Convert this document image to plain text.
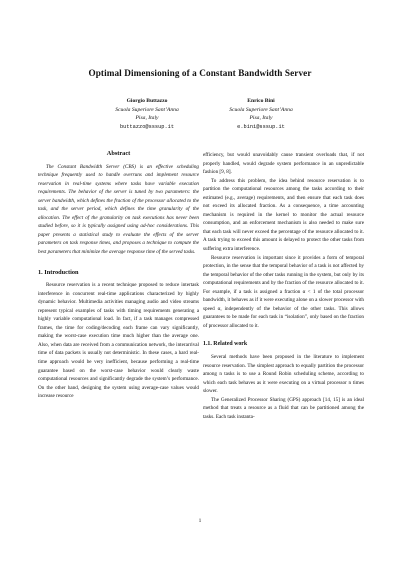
Optimal Dimensioning of a Constant Bandwidth Server
Giorgio Buttazzo
Scuola Superiore Sant’Anna
Pisa, Italy
buttazzo@sssup.it
Enrico Bini
Scuola Superiore Sant’Anna
Pisa, Italy
e.bini@sssup.it
Abstract

The Constant Bandwidth Server (CBS) is an effective scheduling technique frequently used to handle overruns and implement resource reservation in real-time systems where tasks have variable execution requirements. The behavior of the server is tuned by two parameters: the server bandwidth, which defines the fraction of the processor allocated to the task, and the server period, which defines the time granularity of the allocation. The effect of the granularity on task executions has never been studied before, so it is typically assigned using ad-hoc considerations. This paper presents a statistical study to evaluate the effects of the server parameters on task response times, and proposes a technique to compute the best parameters that minimize the average response time of the served tasks.

1. Introduction

Resource reservation is a recent technique proposed to reduce intertask interference in concurrent real-time applications characterized by highly dynamic behavior. Multimedia activities managing audio and video streams represent typical examples of tasks with timing requirements generating a highly variable computational load. In fact, if a task manages compressed frames, the time for coding/decoding each frame can vary significantly, making the worst-case execution time much higher than the average one. Also, when data are received from a communication network, the interarrival time of data packets is usually not deterministic. In these cases, a hard real-time approach would be very inefficient, because performing a real-time guarantee based on the worst-case behavior would clearly waste computational resources and significantly degrade the system’s performance. On the other hand, designing the system using average-case values would increase resource

efficiency, but would unavoidably cause transient overloads that, if not properly handled, would degrade system performance in an unpredictable fashion [9, 8].

To address this problem, the idea behind resource reservation is to partition the computational resources among the tasks according to their estimated (e.g., average) requirements, and then ensure that each task does not exceed its allocated fraction. As a consequence, a time accounting mechanism is required in the kernel to monitor the actual resource consumption, and an enforcement mechanism is also needed to make sure that each task will never exceed the percentage of the resource allocated to it. A task trying to exceed this amount is delayed to protect the other tasks from suffering extra interference.

Resource reservation is important since it provides a form of temporal protection, in the sense that the temporal behavior of a task is not affected by the temporal behavior of the other tasks running in the system, but only by its computational requirements and by the fraction of the resource allocated to it. For example, if a task is assigned a fraction α < 1 of the total processor bandwidth, it behaves as if it were executing alone on a slower processor with speed α, independently of the behavior of the other tasks. This allows guarantees to be made for each task in “isolation”, only based on the fraction of processor allocated to it.

1.1. Related work

Several methods have been proposed in the literature to implement resource reservation. The simplest approach to equally partition the processor among n tasks is to use a Round Robin scheduling scheme, according to which each task behaves as it were executing on a virtual processor n times slower.

The Generalized Processor Sharing (GPS) approach [14, 15] is an ideal method that treats a resource as a fluid that can be partitioned among the tasks. Each task instanta-

1
